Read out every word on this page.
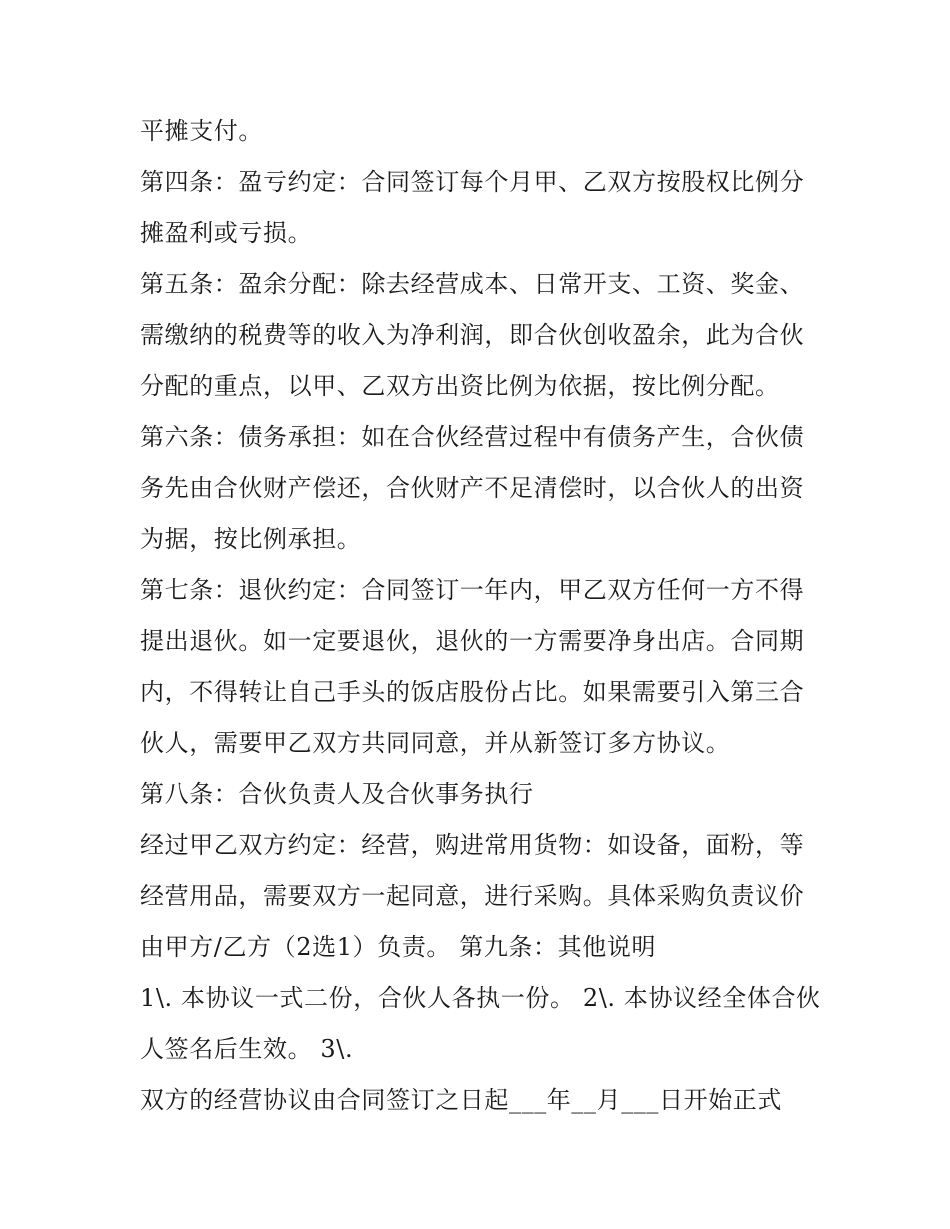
平摊支付。
第四条：盈亏约定：合同签订每个月甲、乙双方按股权比例分
摊盈利或亏损。
第五条：盈余分配：除去经营成本、日常开支、工资、奖金、
需缴纳的税费等的收入为净利润，即合伙创收盈余，此为合伙
分配的重点，以甲、乙双方出资比例为依据，按比例分配。
第六条：债务承担：如在合伙经营过程中有债务产生，合伙债
务先由合伙财产偿还，合伙财产不足清偿时，以合伙人的出资
为据，按比例承担。
第七条：退伙约定：合同签订一年内，甲乙双方任何一方不得
提出退伙。如一定要退伙，退伙的一方需要净身出店。合同期
内，不得转让自己手头的饭店股份占比。如果需要引入第三合
伙人，需要甲乙双方共同同意，并从新签订多方协议。
第八条：合伙负责人及合伙事务执行
经过甲乙双方约定：经营，购进常用货物：如设备，面粉，等
经营用品，需要双方一起同意，进行采购。具体采购负责议价
由甲方/乙方（2选1）负责。 第九条：其他说明
1\. 本协议一式二份，合伙人各执一份。 2\. 本协议经全体合伙
人签名后生效。 3\.
双方的经营协议由合同签订之日起___年__月___日开始正式
